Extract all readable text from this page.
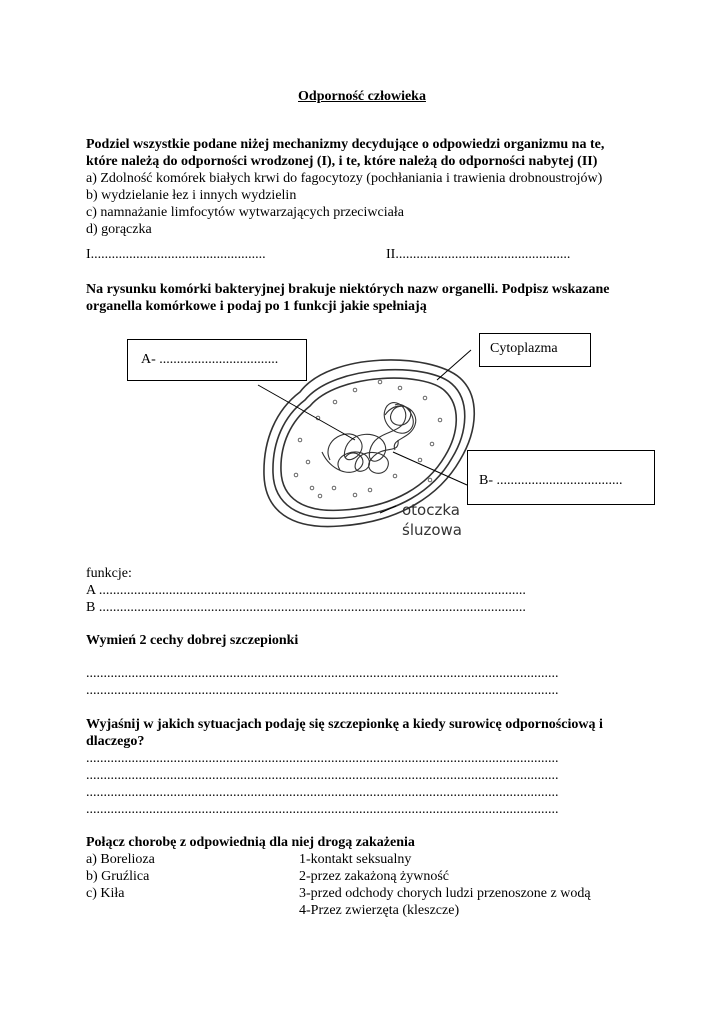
Odporność człowieka
Podziel wszystkie podane niżej mechanizmy decydujące o odpowiedzi organizmu na te,
które należą do odporności wrodzonej (I), i te, które należą do odporności nabytej (II)
a) Zdolność komórek białych krwi do fagocytozy (pochłaniania i trawienia drobnoustrojów)
b) wydzielanie łez i innych wydzielin
c) namnażanie limfocytów wytwarzających przeciwciała
d) gorączka
I..................................................	II..................................................
Na rysunku komórki bakteryjnej brakuje niektórych nazw organelli. Podpisz wskazane
organella komórkowe i podaj po 1 funkcji jakie spełniają
A- ..................................
Cytoplazma
B- ....................................
otoczka
śluzowa
funkcje:
A ..........................................................................................................................
B ..........................................................................................................................
Wymień 2 cechy dobrej szczepionki
.......................................................................................................................................
.......................................................................................................................................
Wyjaśnij w jakich sytuacjach podaję się szczepionkę a kiedy surowicę odpornościową i
dlaczego?
.......................................................................................................................................
.......................................................................................................................................
.......................................................................................................................................
.......................................................................................................................................
Połącz chorobę z odpowiednią dla niej drogą zakażenia
a) Borelioza
b) Gruźlica
c) Kiła
1-kontakt seksualny
2-przez zakażoną żywność
3-przed odchody chorych ludzi przenoszone z wodą
4-Przez zwierzęta (kleszcze)
